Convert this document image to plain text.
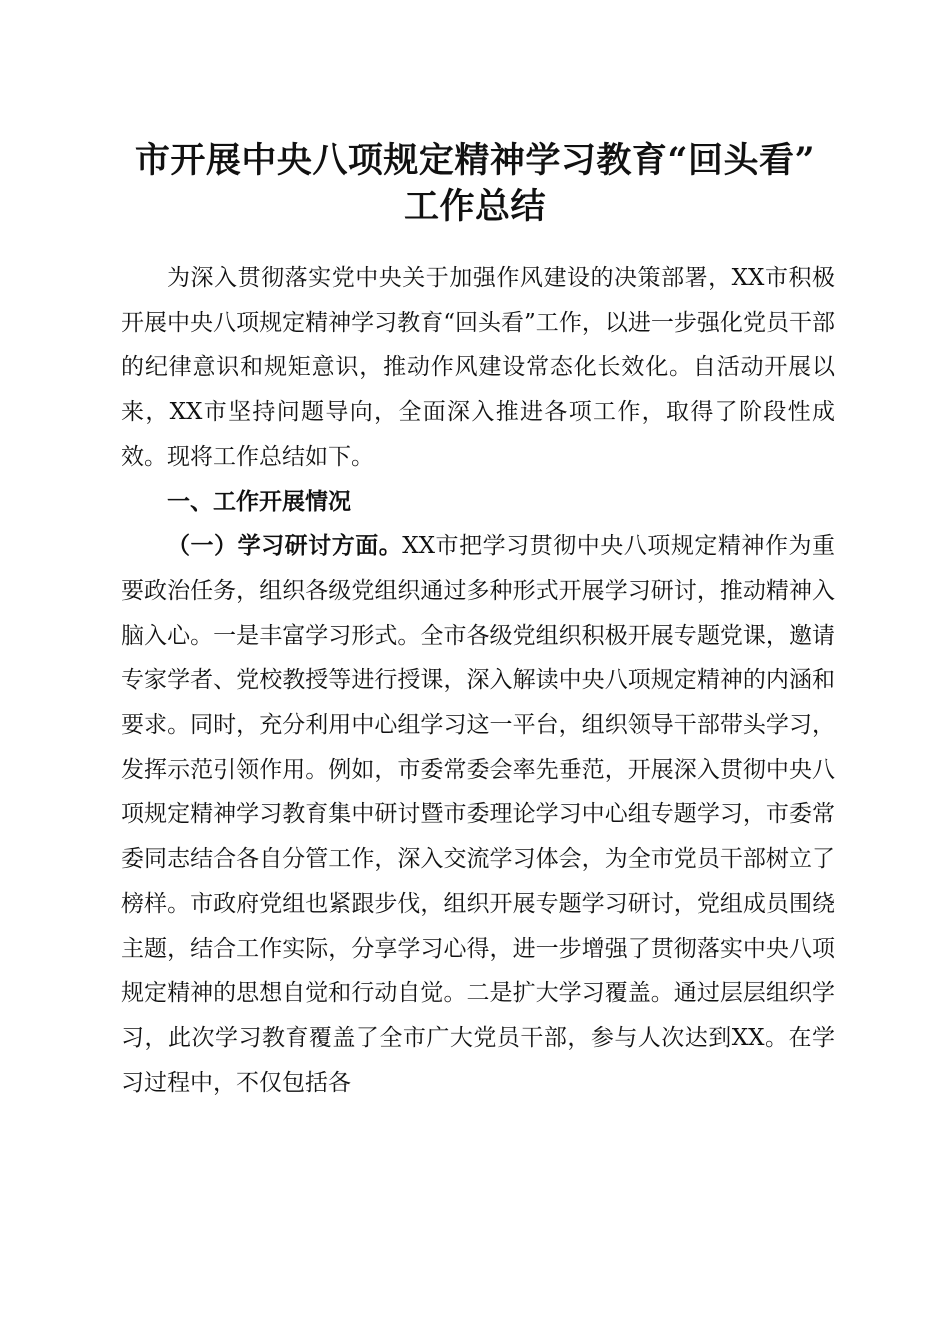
市开展中央八项规定精神学习教育“回头看”
工作总结

为深入贯彻落实党中央关于加强作风建设的决策部署，XX市积极开展中央八项规定精神学习教育“回头看”工作，以进一步强化党员干部的纪律意识和规矩意识，推动作风建设常态化长效化。自活动开展以来，XX市坚持问题导向，全面深入推进各项工作，取得了阶段性成效。现将工作总结如下。

一、工作开展情况

（一）学习研讨方面。XX市把学习贯彻中央八项规定精神作为重要政治任务，组织各级党组织通过多种形式开展学习研讨，推动精神入脑入心。一是丰富学习形式。全市各级党组织积极开展专题党课，邀请专家学者、党校教授等进行授课，深入解读中央八项规定精神的内涵和要求。同时，充分利用中心组学习这一平台，组织领导干部带头学习，发挥示范引领作用。例如，市委常委会率先垂范，开展深入贯彻中央八项规定精神学习教育集中研讨暨市委理论学习中心组专题学习，市委常委同志结合各自分管工作，深入交流学习体会，为全市党员干部树立了榜样。市政府党组也紧跟步伐，组织开展专题学习研讨，党组成员围绕主题，结合工作实际，分享学习心得，进一步增强了贯彻落实中央八项规定精神的思想自觉和行动自觉。二是扩大学习覆盖。通过层层组织学习，此次学习教育覆盖了全市广大党员干部，参与人次达到XX。在学习过程中，不仅包括各
